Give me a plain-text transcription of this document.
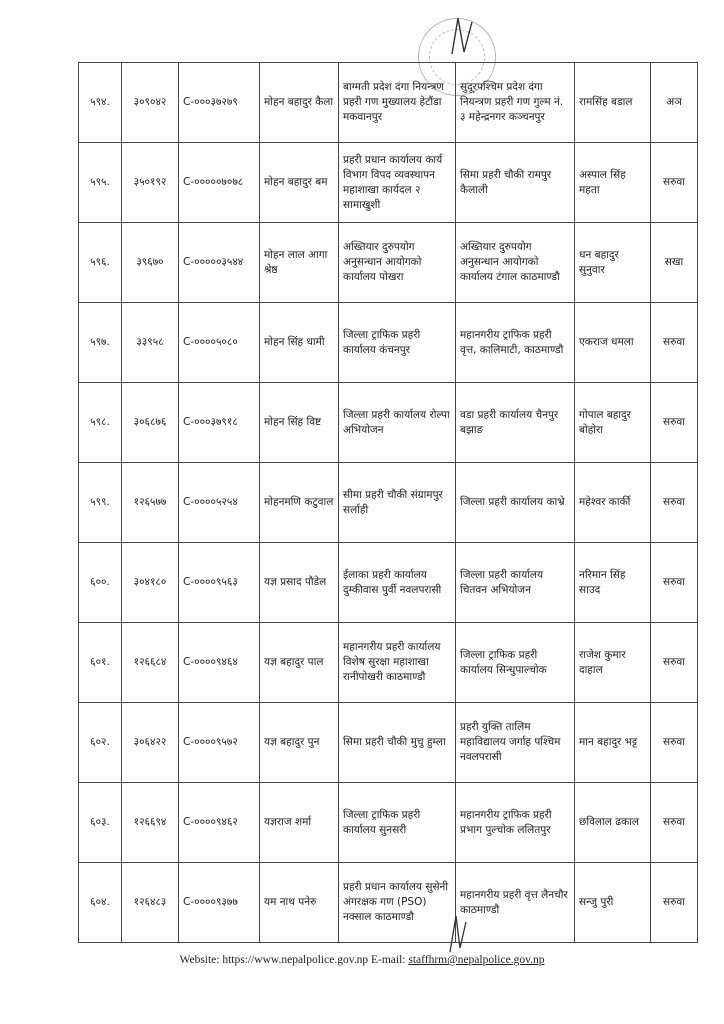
५९४.	३०९०४२	C-०००३७२७९	मोहन बहादुर कैला	बाग्मती प्रदेश दंगा नियन्त्रण प्रहरी गण मुख्यालय हेटौंडा मकवानपुर	सुदूरपश्चिम प्रदेश दंगा नियन्त्रण प्रहरी गण गुल्म नं. ३ महेन्द्रनगर कञ्चनपुर	रामसिंह बडाल	अञ
५९५.	३५०१९२	C-०००००७०७८	मोहन बहादुर बम	प्रहरी प्रधान कार्यालय कार्य विभाग विपद व्यवस्थापन महाशाखा कार्यदल २ सामाखुशी	सिमा प्रहरी चौकी रामपुर कैलाली	अस्पाल सिंह महता	सरुवा
५९६.	३९६७०	C-०००००३५४४	मोहन लाल आगा श्रेष्ठ	अख्तियार दुरुपयोग अनुसन्धान आयोगको कार्यालय पोखरा	अख्तियार दुरुपयोग अनुसन्धान आयोगको कार्यालय टंगाल काठमाण्डौ	धन बहादुर सुनुवार	सखा
५९७.	३३९५८	C-००००५०८०	मोहन सिंह धामी	जिल्ला ट्राफिक प्रहरी कार्यालय कंचनपुर	महानगरीय ट्राफिक प्रहरी वृत्त, कालिमाटी, काठमाण्डौ	एकराज धमला	सरुवा
५९८.	३०६८७६	C-०००३७९१८	मोहन सिंह विष्ट	जिल्ला प्रहरी कार्यालय रोल्पा अभियोजन	वडा प्रहरी कार्यालय चैनपुर बझाङ	गोपाल बहादुर बोहोरा	सरुवा
५९९.	१२६५७७	C-००००५२५४	मोहनमणि कटुवाल	सीमा प्रहरी चौकी संग्रामपुर सर्लाही	जिल्ला प्रहरी कार्यालय काभ्रे	महेश्वर कार्की	सरुवा
६००.	३०४१८०	C-००००९५६३	यज्ञ प्रसाद पौडेल	ईलाका प्रहरी कार्यालय दुम्कीवास पुर्वी नवलपरासी	जिल्ला प्रहरी कार्यालय चितवन अभियोजन	नरिमान सिंह साउद	सरुवा
६०१.	१२६६८४	C-००००९४६४	यज्ञ बहादुर पाल	महानगरीय प्रहरी कार्यालय विशेष सुरक्षा महाशाखा रानीपोखरी काठमाण्डौ	जिल्ला ट्राफिक प्रहरी कार्यालय सिन्धुपाल्चोक	राजेश कुमार दाहाल	सरुवा
६०२.	३०६४२२	C-००००९५७२	यज्ञ बहादुर पुन	सिमा प्रहरी चौकी मुचु हुम्ला	प्रहरी युक्ति तालिम महाविद्यालय जर्गाह पश्चिम नवलपरासी	मान बहादुर भट्ट	सरुवा
६०३.	१२६६९४	C-००००९४६२	यज्ञराज शर्मा	जिल्ला ट्राफिक प्रहरी कार्यालय सुनसरी	महानगरीय ट्राफिक प्रहरी प्रभाग पुल्चोक ललितपुर	छविलाल ढकाल	सरुवा
६०४.	१२६४८३	C-००००९३७७	यम नाथ पनेरु	प्रहरी प्रधान कार्यालय सुसेनी अंगरक्षक गण (PSO) नक्साल काठमाण्डौ	महानगरीय प्रहरी वृत्त लैनचौर काठमाण्डौ	सन्जु पुरी	सरुवा
Website: https://www.nepalpolice.gov.np E-mail: staffhrm@nepalpolice.gov.np
